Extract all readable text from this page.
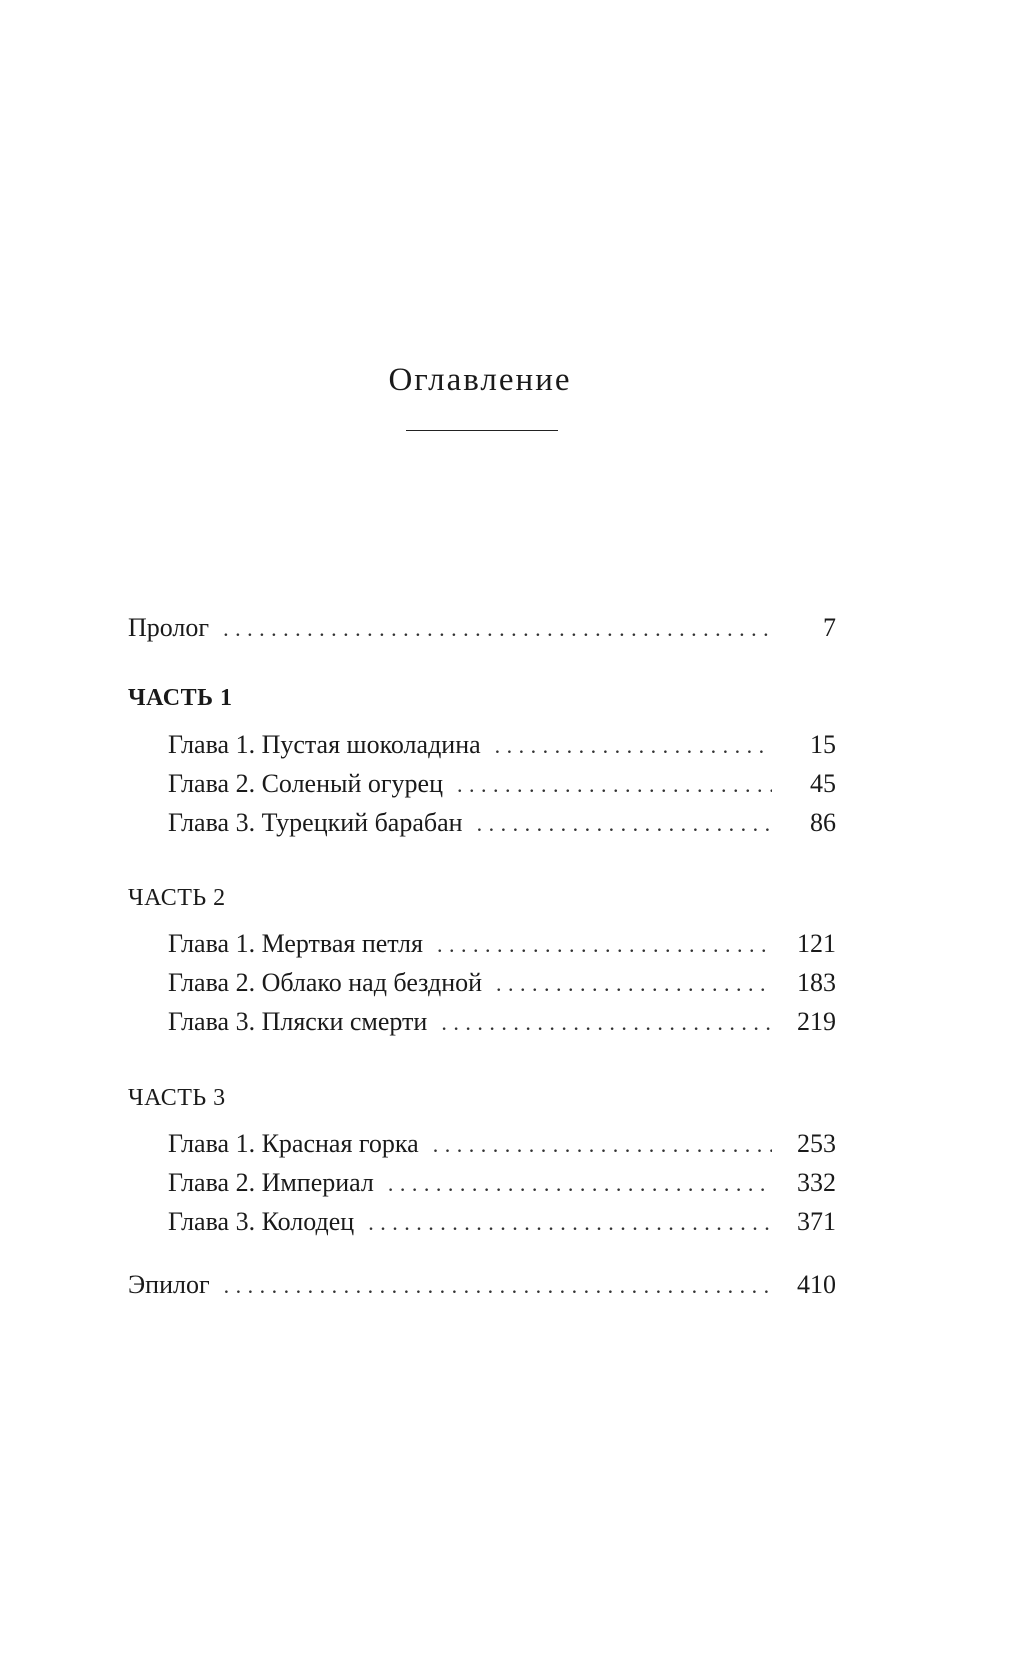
Оглавление
Пролог . . .	7
ЧАСТЬ 1
Глава 1. Пустая шоколадина . . .	15
Глава 2. Соленый огурец . . .	45
Глава 3. Турецкий барабан . . .	86
ЧАСТЬ 2
Глава 1. Мертвая петля . . .	121
Глава 2. Облако над бездной . . .	183
Глава 3. Пляски смерти . . .	219
ЧАСТЬ 3
Глава 1. Красная горка . . .	253
Глава 2. Империал . . .	332
Глава 3. Колодец . . .	371
Эпилог . . .	410
